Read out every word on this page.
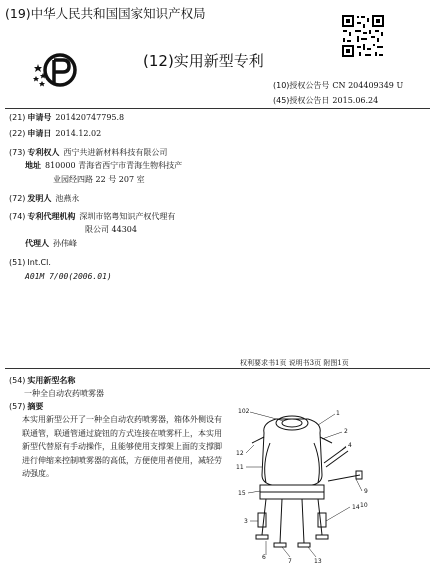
(19)中华人民共和国国家知识产权局
(12)实用新型专利
(10)授权公告号 CN 204409349 U
(45)授权公告日 2015.06.24
(21) 申请号 201420747795.8
(22) 申请日 2014.12.02
(73) 专利权人 西宁共进新材料科技有限公司
地址 810000 青海省西宁市青海生物科技产
业园经四路 22 号 207 室
(72) 发明人 池燕永
(74) 专利代理机构 深圳市铭粤知识产权代理有
限公司 44304
代理人 孙伟峰
(51) Int.Cl.
A01M 7/00(2006.01)
权利要求书1页 说明书3页 附图1页
(54) 实用新型名称
一种全自动农药喷雾器
(57) 摘要
本实用新型公开了一种全自动农药喷雾器，箱体外侧设有联通管，联通管通过旋钮的方式连接在喷雾杆上，本实用新型代替原有手动操作，且能够使用支撑架上面的支撑脚进行伸缩来控制喷雾器的高低，方便使用者使用，减轻劳动强度。
102	1
2
4
12
11
15	9
3
14 10
6
7	13
